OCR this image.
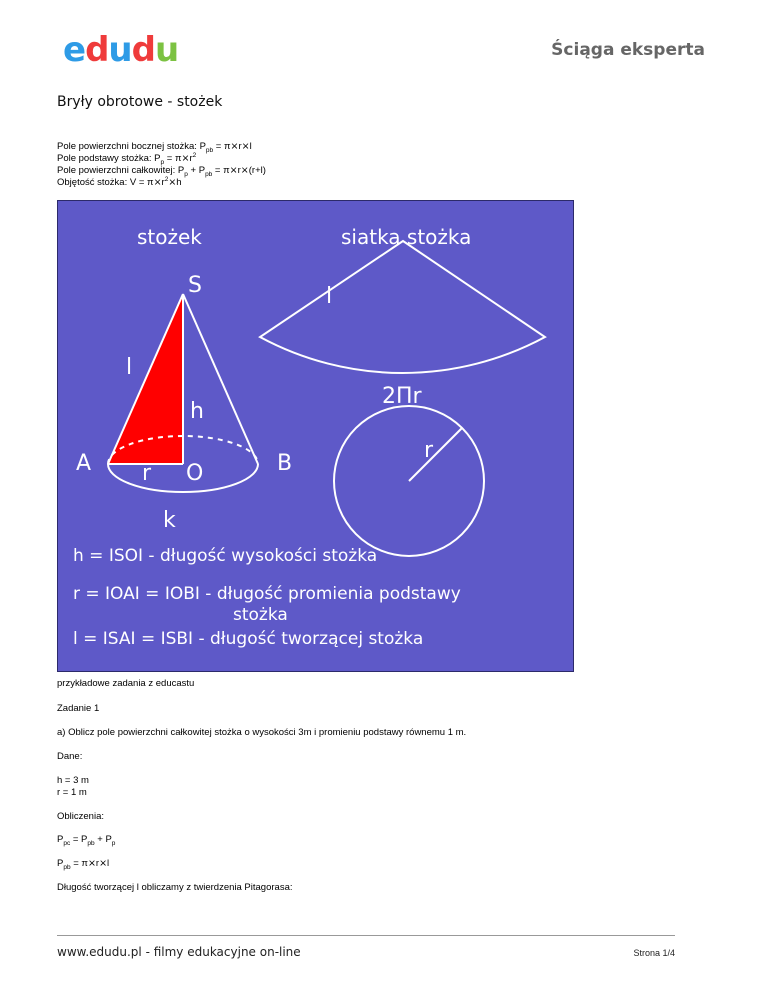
edudu	Ściąga eksperta
Bryły obrotowe - stożek
Pole powierzchni bocznej stożka: $P_{pb}$ = π⨯r⨯l
Pole podstawy stożka: $P_p$ = $\pi⨯r^2$
Pole powierzchni całkowitej: $P_p + P_{pb}$ = π⨯r⨯(r+l)
Objętość stożka: $V = \pi⨯r^2⨯h$
stożek	siatka stożka
S
l
h
A r O	B
k
l
2Πr
r
h = ISOI - długość wysokości stożka
r = IOAI = IOBI - długość promienia podstawy
stożka
l = ISAI = ISBI - długość tworzącej stożka
przykładowe zadania z educastu
Zadanie 1
a) Oblicz pole powierzchni całkowitej stożka o wysokości 3m i promieniu podstawy równemu 1 m.
Dane:
h = 3 m
r = 1 m
Obliczenia:
$P_{pc} = P_{pb} + P_p$
$P_{pb}$ = π⨯r⨯l
Długość tworzącej l obliczamy z twierdzenia Pitagorasa:
www.edudu.pl - filmy edukacyjne on-line	Strona 1/4
